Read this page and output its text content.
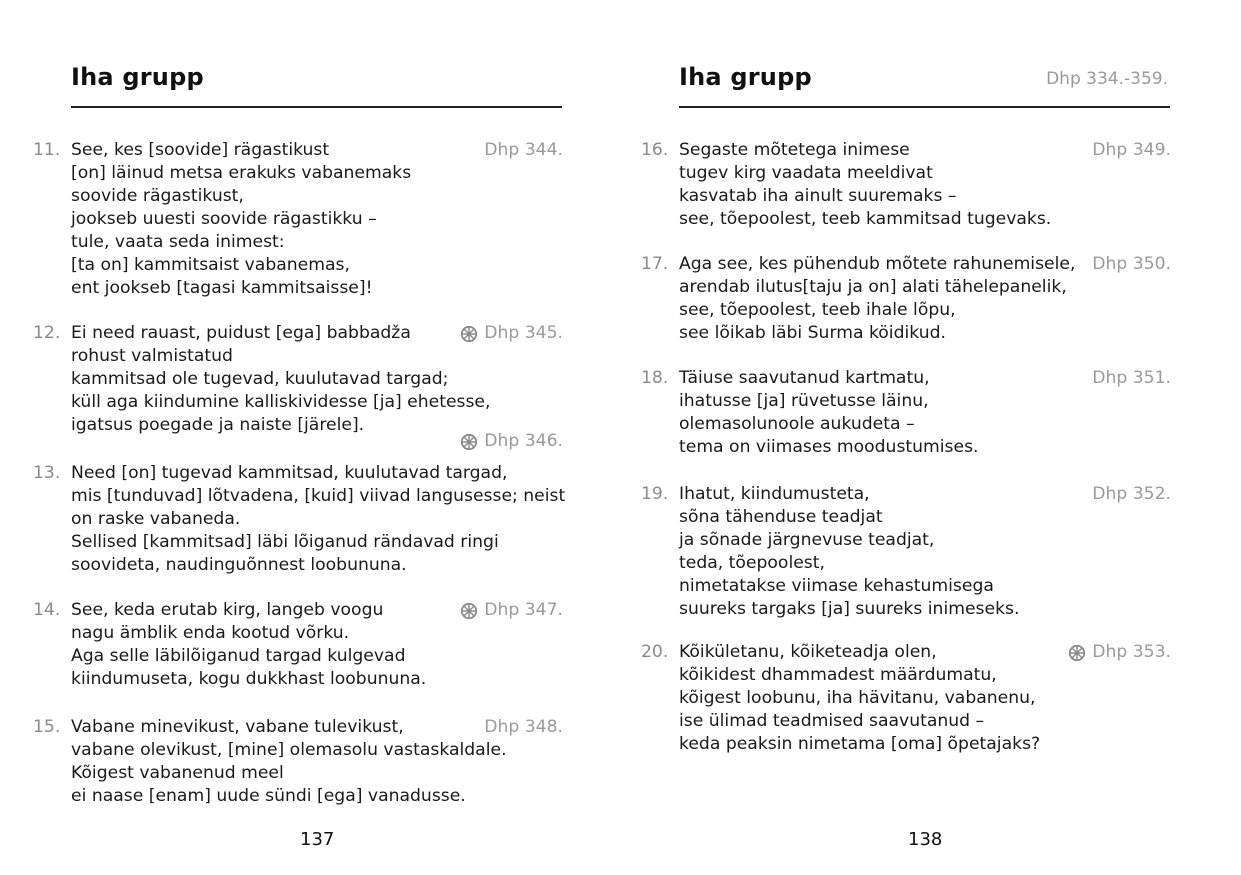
Iha grupp
11.	Dhp 344.
See, kes [soovide] rägastikust
[on] läinud metsa erakuks vabanemaks
soovide rägastikust,
jookseb uuesti soovide rägastikku –
tule, vaata seda inimest:
[ta on] kammitsaist vabanemas,
ent jookseb [tagasi kammitsaisse]!
12.	Dhp 345.
Dhp 346.
Ei need rauast, puidust [ega] babbadža
rohust valmistatud
kammitsad ole tugevad, kuulutavad targad;
küll aga kiindumine kalliskividesse [ja] ehetesse,
igatsus poegade ja naiste [järele].
13. Need [on] tugevad kammitsad, kuulutavad targad,
mis [tunduvad] lõtvadena, [kuid] viivad langusesse; neist
on raske vabaneda.
Sellised [kammitsad] läbi lõiganud rändavad ringi
soovideta, naudinguõnnest loobununa.
14.	Dhp 347.
See, keda erutab kirg, langeb voogu
nagu ämblik enda kootud võrku.
Aga selle läbilõiganud targad kulgevad
kiindumuseta, kogu dukkhast loobununa.
15.	Dhp 348.
Vabane minevikust, vabane tulevikust,
vabane olevikust, [mine] olemasolu vastaskaldale.
Kõigest vabanenud meel
ei naase [enam] uude sündi [ega] vanadusse.
137
Iha grupp	Dhp 334.-359.
16.	Dhp 349.
Segaste mõtetega inimese
tugev kirg vaadata meeldivat
kasvatab iha ainult suuremaks –
see, tõepoolest, teeb kammitsad tugevaks.
17.	Dhp 350.
Aga see, kes pühendub mõtete rahunemisele,
arendab ilutus[taju ja on] alati tähelepanelik,
see, tõepoolest, teeb ihale lõpu,
see lõikab läbi Surma köidikud.
18.	Dhp 351.
Täiuse saavutanud kartmatu,
ihatusse [ja] rüvetusse läinu,
olemasolunoole aukudeta –
tema on viimases moodustumises.
19.	Dhp 352.
Ihatut, kiindumusteta,
sõna tähenduse teadjat
ja sõnade järgnevuse teadjat,
teda, tõepoolest,
nimetatakse viimase kehastumisega
suureks targaks [ja] suureks inimeseks.
20.	Dhp 353.
Kõikületanu, kõiketeadja olen,
kõikidest dhammadest määrdumatu,
kõigest loobunu, iha hävitanu, vabanenu,
ise ülimad teadmised saavutanud –
keda peaksin nimetama [oma] õpetajaks?
138
